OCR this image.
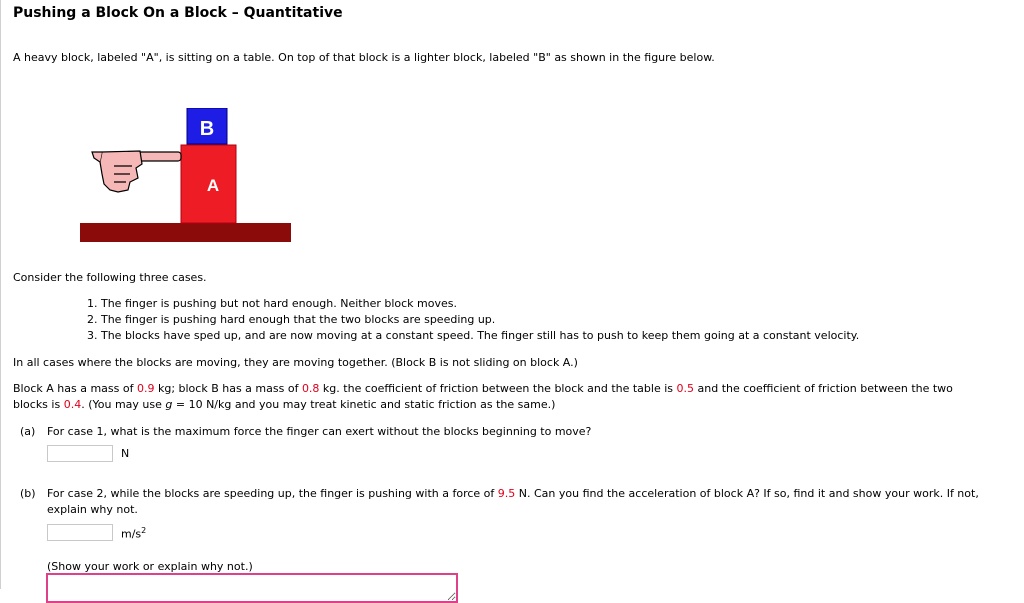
Pushing a Block On a Block – Quantitative
A heavy block, labeled "A", is sitting on a table. On top of that block is a lighter block, labeled "B" as shown in the figure below.
B
A
Consider the following three cases.
1. The finger is pushing but not hard enough. Neither block moves.
2. The finger is pushing hard enough that the two blocks are speeding up.
3. The blocks have sped up, and are now moving at a constant speed. The finger still has to push to keep them going at a constant velocity.
In all cases where the blocks are moving, they are moving together. (Block B is not sliding on block A.)
Block A has a mass of 0.9 kg; block B has a mass of 0.8 kg. the coefficient of friction between the block and the table is 0.5 and the coefficient of friction between the two
blocks is 0.4. (You may use g = 10 N/kg and you may treat kinetic and static friction as the same.)
(a) For case 1, what is the maximum force the finger can exert without the blocks beginning to move?
N
(b) For case 2, while the blocks are speeding up, the finger is pushing with a force of 9.5 N. Can you find the acceleration of block A? If so, find it and show your work. If not,
explain why not.
$m/s^2$
(Show your work or explain why not.)
